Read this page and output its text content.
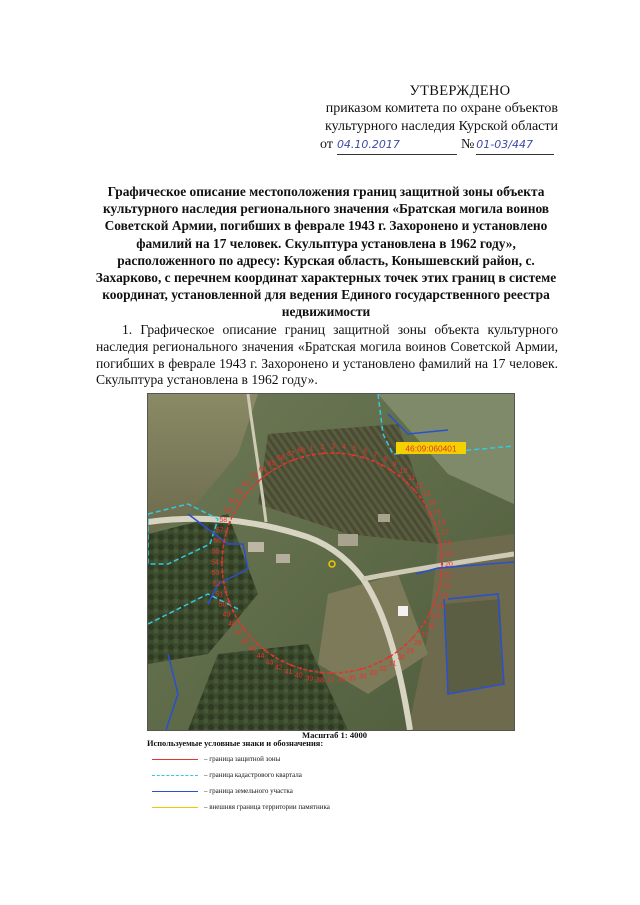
УТВЕРЖДЕНО
приказом комитета по охране объектов
культурного наследия Курской области
от 04.10.2017	№ 01-03/447
Графическое описание местоположения границ защитной зоны объекта культурного наследия регионального значения «Братская могила воинов Советской Армии, погибших в феврале 1943 г. Захоронено и установлено фамилий на 17 человек. Скульптура установлена в 1962 году», расположенного по адресу: Курская область, Конышевский район, с. Захарково, с перечнем координат характерных точек этих границ в системе координат, установленной для ведения Единого государственного реестра недвижимости
1. Графическое описание границ защитной зоны объекта культурного наследия регионального значения «Братская могила воинов Советской Армии, погибших в феврале 1943 г. Захоронено и установлено фамилий на 17 человек. Скульптура установлена в 1962 году».
1 2 3 4 5 6 7
8
9
10
11
12
13
14
15
16
17
18
19
20
21
22
23
24
25
26
27
28
29
30
31
32
33
34
35
36
37
38
39
40
41
42
43
44
45
46
47
48
49
50
51
52
53
54
55
56
57
58
59
60
61
62
63
64
65
66
67 68	46:09:060401
Масштаб 1: 4000
Используемые условные знаки и обозначения:
– граница защитной зоны
– граница кадастрового квартала
– граница земельного участка
– внешняя граница территории памятника
